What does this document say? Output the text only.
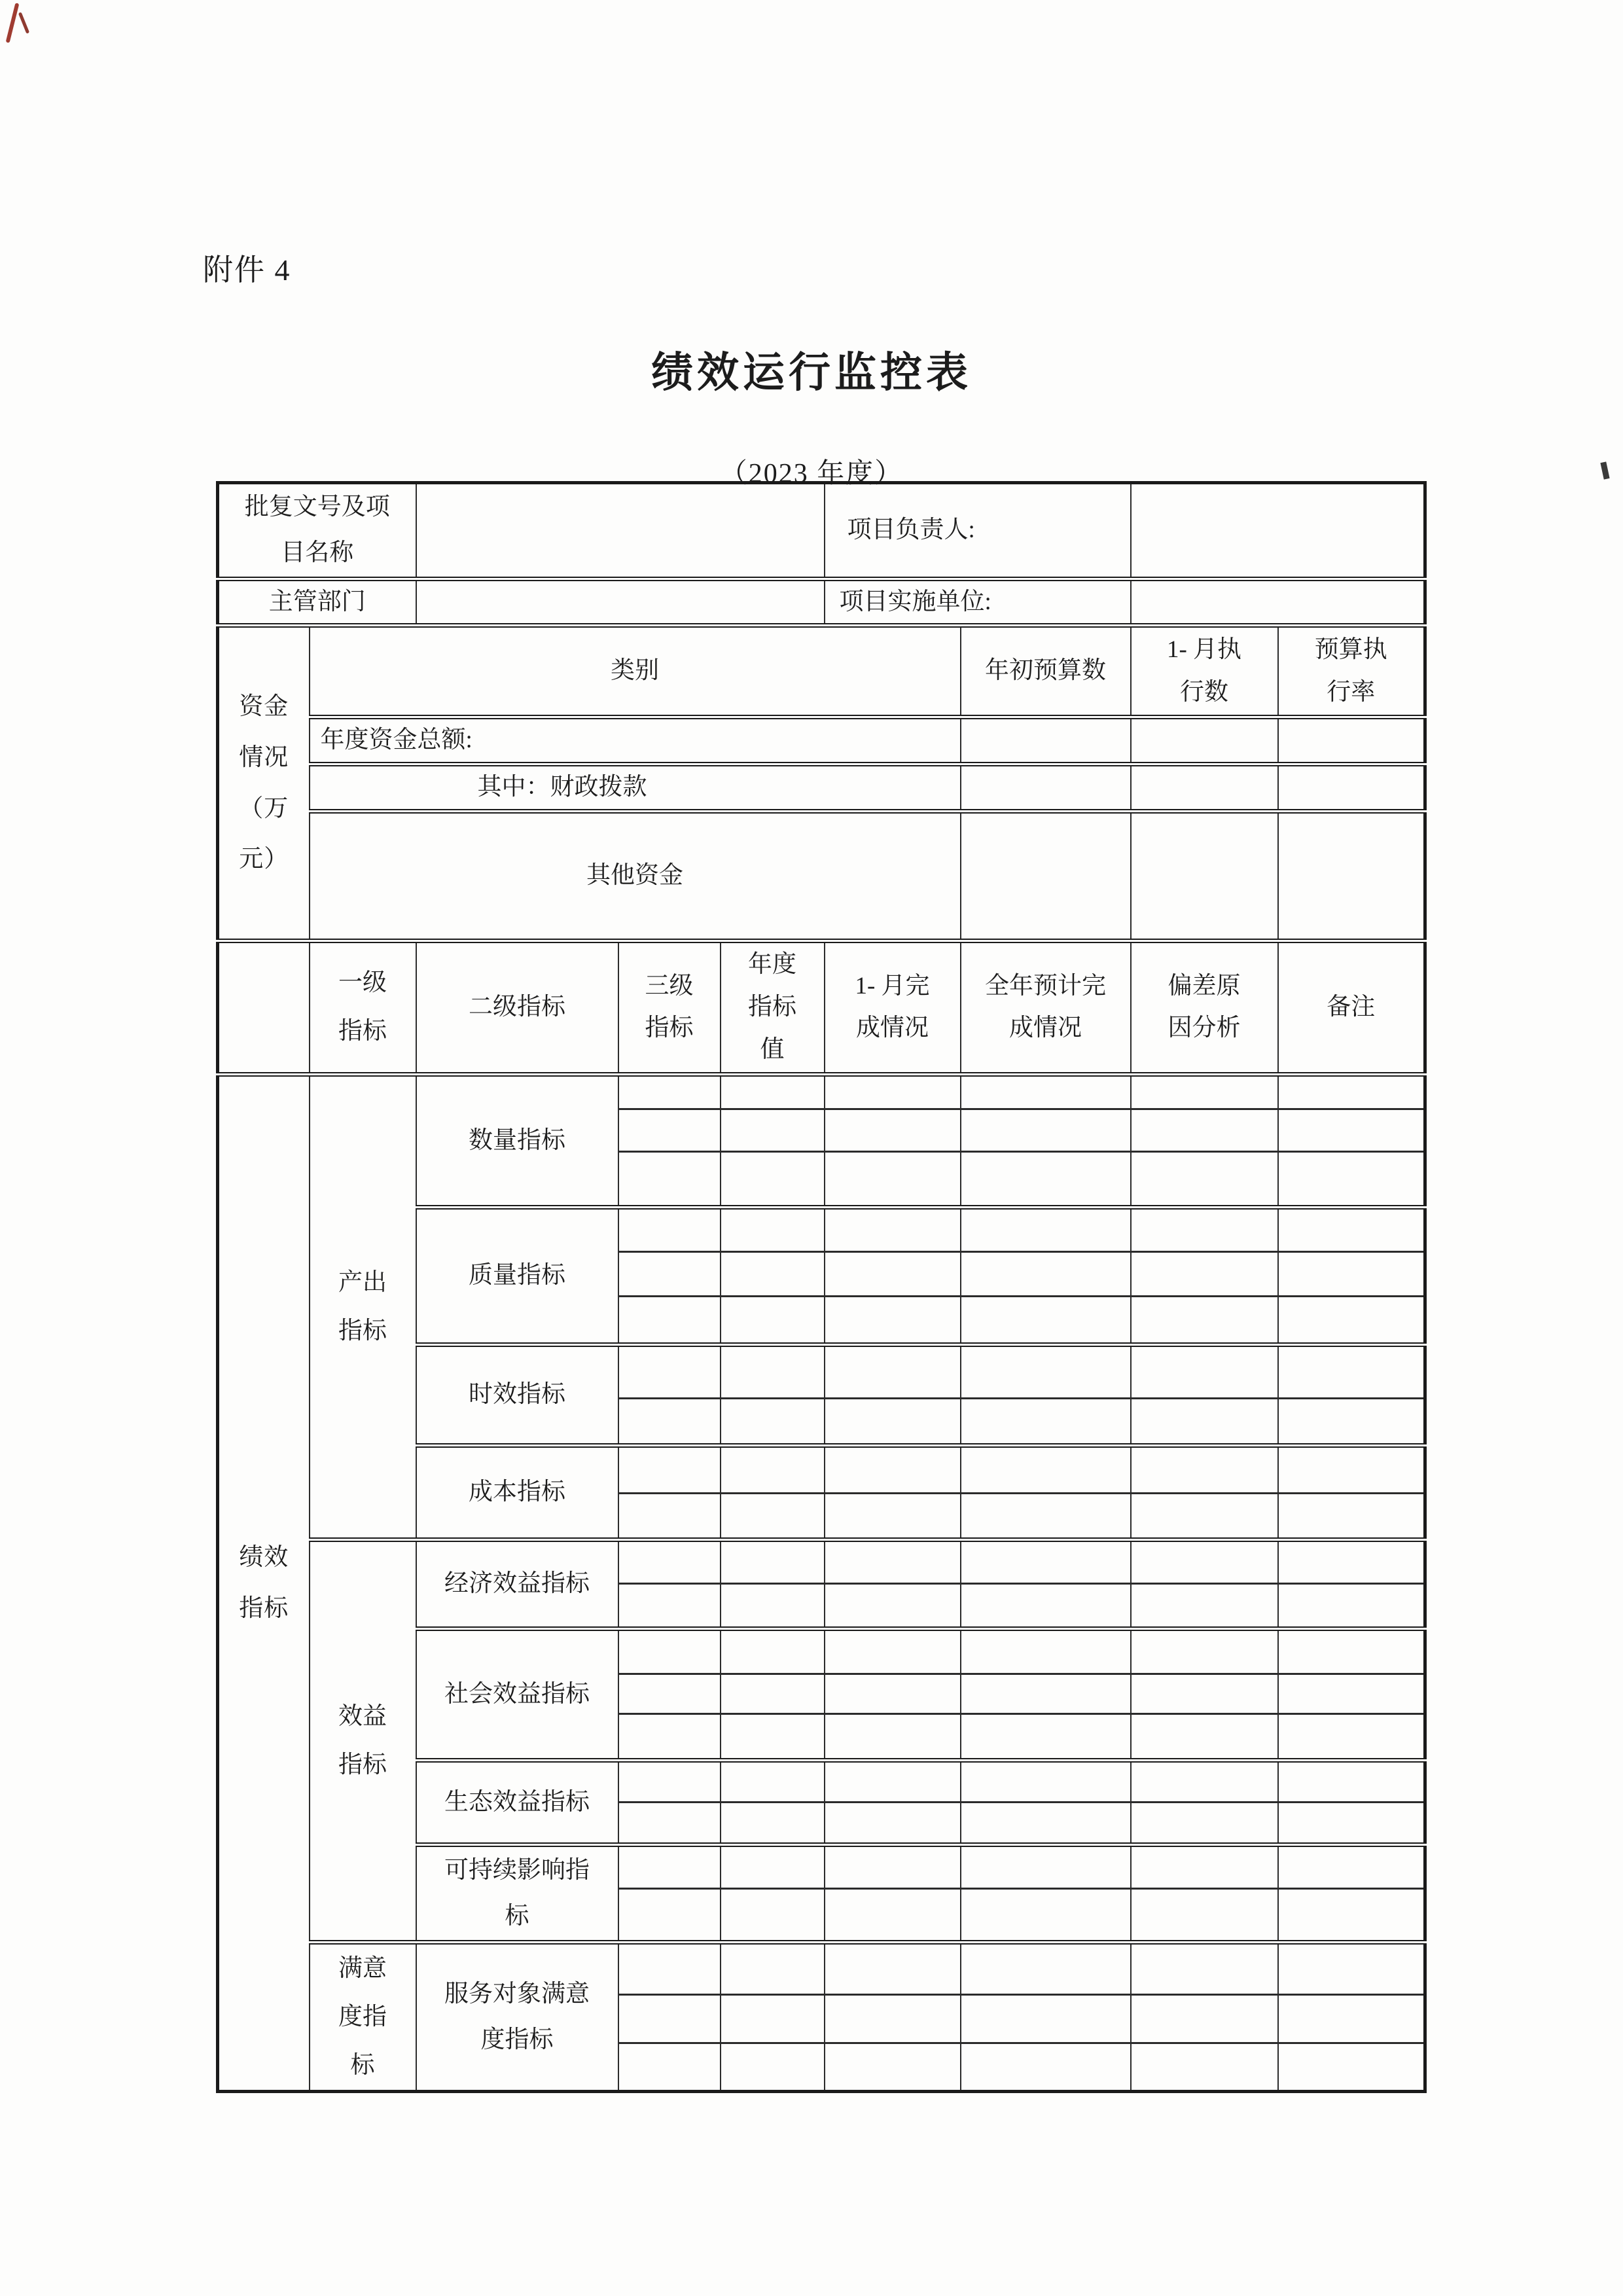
附件 4
绩效运行监控表
（2023 年度）
批复文号及项目名称					项目负责人:			
主管部门					项目实施单位:			
资金情况（万元）	类别					年初预算数	1- 月执行数	预算执行率
	年度资金总额:							
	其中：财政拨款							
	其他资金							
	一级指标	二级指标	三级指标	年度指标值	1- 月完成情况	全年预计完成情况	偏差原因分析	备注
绩效指标	产出指标	数量指标						

		质量指标						

		时效指标						

		成本指标						

	效益指标	经济效益指标						

		社会效益指标						

		生态效益指标						

		可持续影响指标						

	满意度指标	服务对象满意度指标						
